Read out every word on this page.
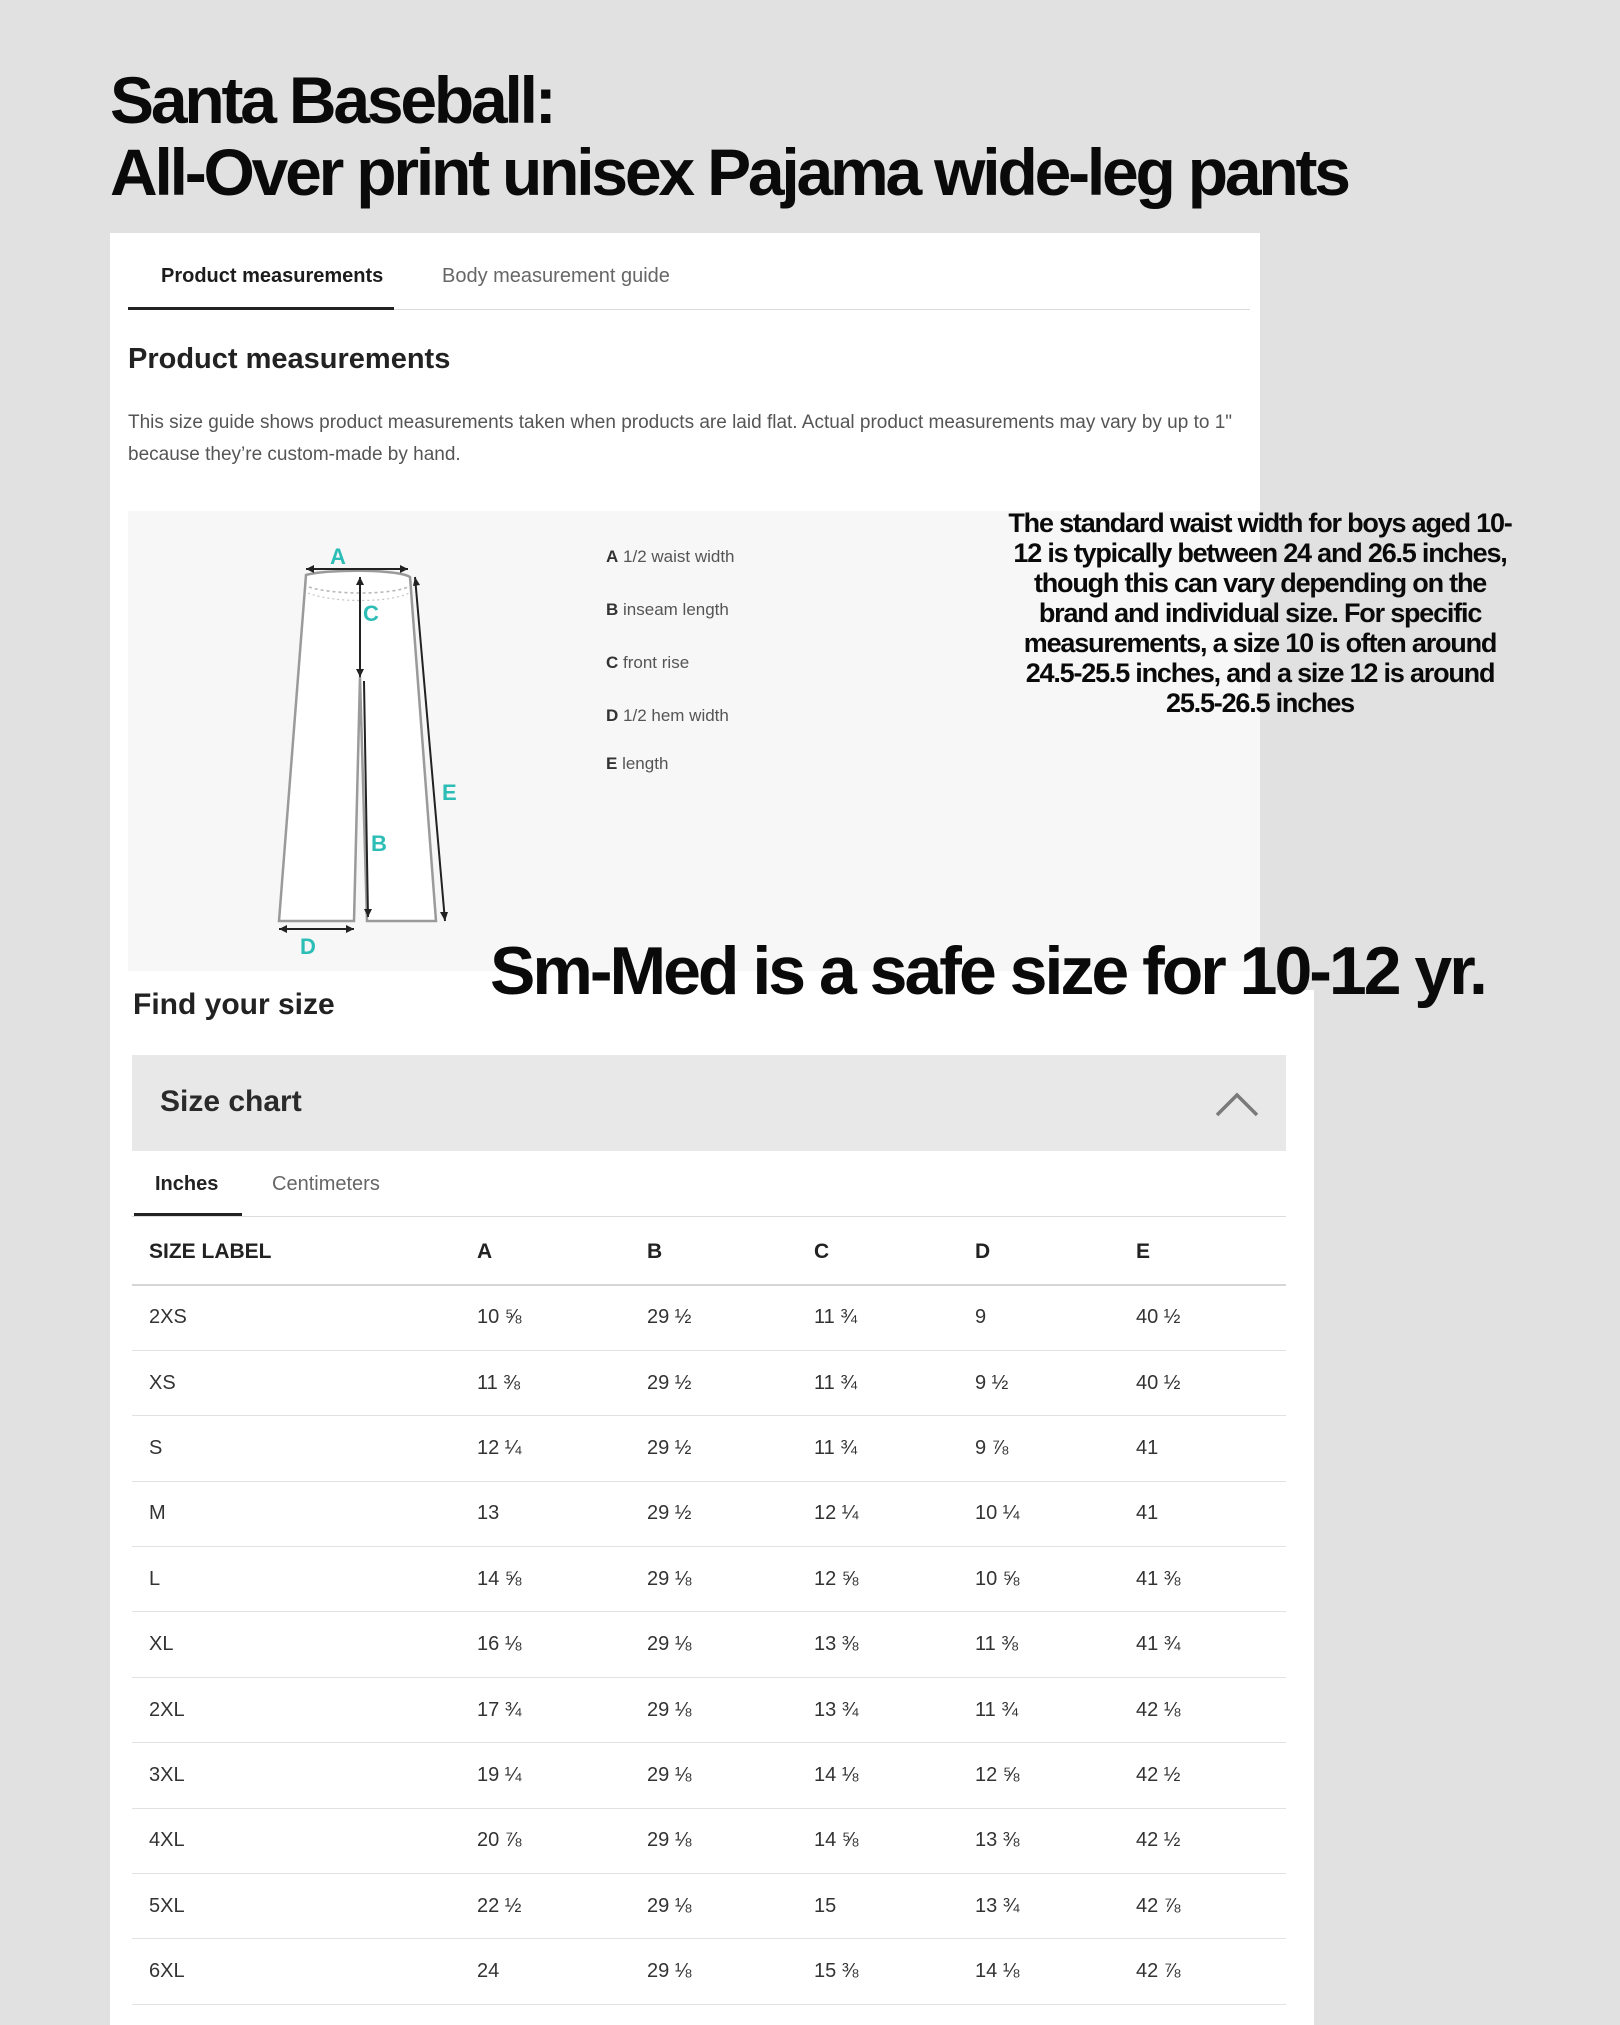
Santa Baseball:
All-Over print unisex Pajama wide-leg pants
Product measurements	Body measurement guide
Product measurements

This size guide shows product measurements taken when products are laid flat. Actual product measurements may vary by up to 1" because they’re custom-made by hand.

A
C
B
E
D
A 1/2 waist width
B inseam length
C front rise
D 1/2 hem width
E length
The standard waist width for boys aged 10-12 is typically between 24 and 26.5 inches, though this can vary depending on the brand and individual size. For specific measurements, a size 10 is often around 24.5-25.5 inches, and a size 12 is around 25.5-26.5 inches
Size chart
Inches	Centimeters
SIZE LABEL	A	B	C	D	E
2XS	10 ⅝	29 ½	11 ¾	9	40 ½
XS	11 ⅜	29 ½	11 ¾	9 ½	40 ½
S	12 ¼	29 ½	11 ¾	9 ⅞	41
M	13	29 ½	12 ¼	10 ¼	41
L	14 ⅝	29 ⅛	12 ⅝	10 ⅝	41 ⅜
XL	16 ⅛	29 ⅛	13 ⅜	11 ⅜	41 ¾
2XL	17 ¾	29 ⅛	13 ¾	11 ¾	42 ⅛
3XL	19 ¼	29 ⅛	14 ⅛	12 ⅝	42 ½
4XL	20 ⅞	29 ⅛	14 ⅝	13 ⅜	42 ½
5XL	22 ½	29 ⅛	15	13 ¾	42 ⅞
6XL	24	29 ⅛	15 ⅜	14 ⅛	42 ⅞
Find your size Sm-Med is a safe size for 10-12 yr.
